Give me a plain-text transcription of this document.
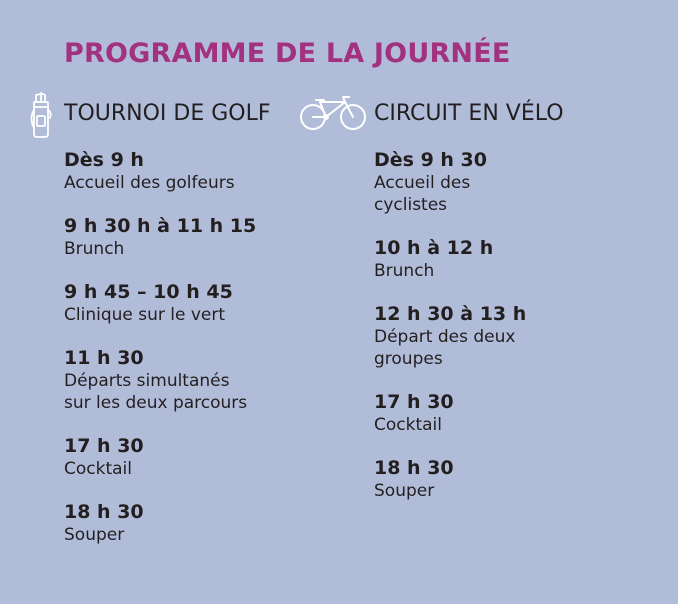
PROGRAMME DE LA JOURNÉE
TOURNOI DE GOLF
Dès 9 h
Accueil des golfeurs
9 h 30 h à 11 h 15
Brunch
9 h 45 – 10 h 45
Clinique sur le vert
11 h 30
Départs simultanés
sur les deux parcours
17 h 30
Cocktail
18 h 30
Souper
CIRCUIT EN VÉLO
Dès 9 h 30
Accueil des cyclistes
10 h à 12 h
Brunch
12 h 30 à 13 h
Départ des deux groupes
17 h 30
Cocktail
18 h 30
Souper
